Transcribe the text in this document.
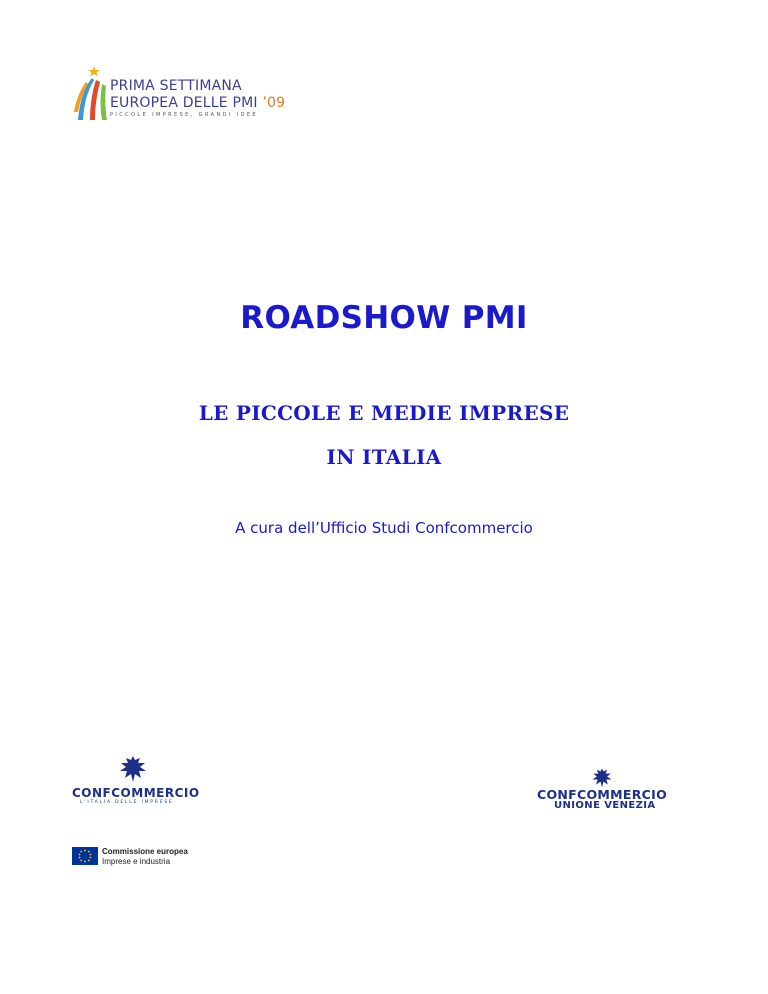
PRIMA SETTIMANA
EUROPEA DELLE PMI ’09
PICCOLE IMPRESE, GRANDI IDEE
ROADSHOW PMI
LE PICCOLE E MEDIE IMPRESE
IN ITALIA
A cura dell’Ufficio Studi Confcommercio
CONFCOMMERCIO
L'ITALIA DELLE IMPRESE
CONFCOMMERCIO
UNIONE VENEZIA
Commissione europea
Imprese e industria
